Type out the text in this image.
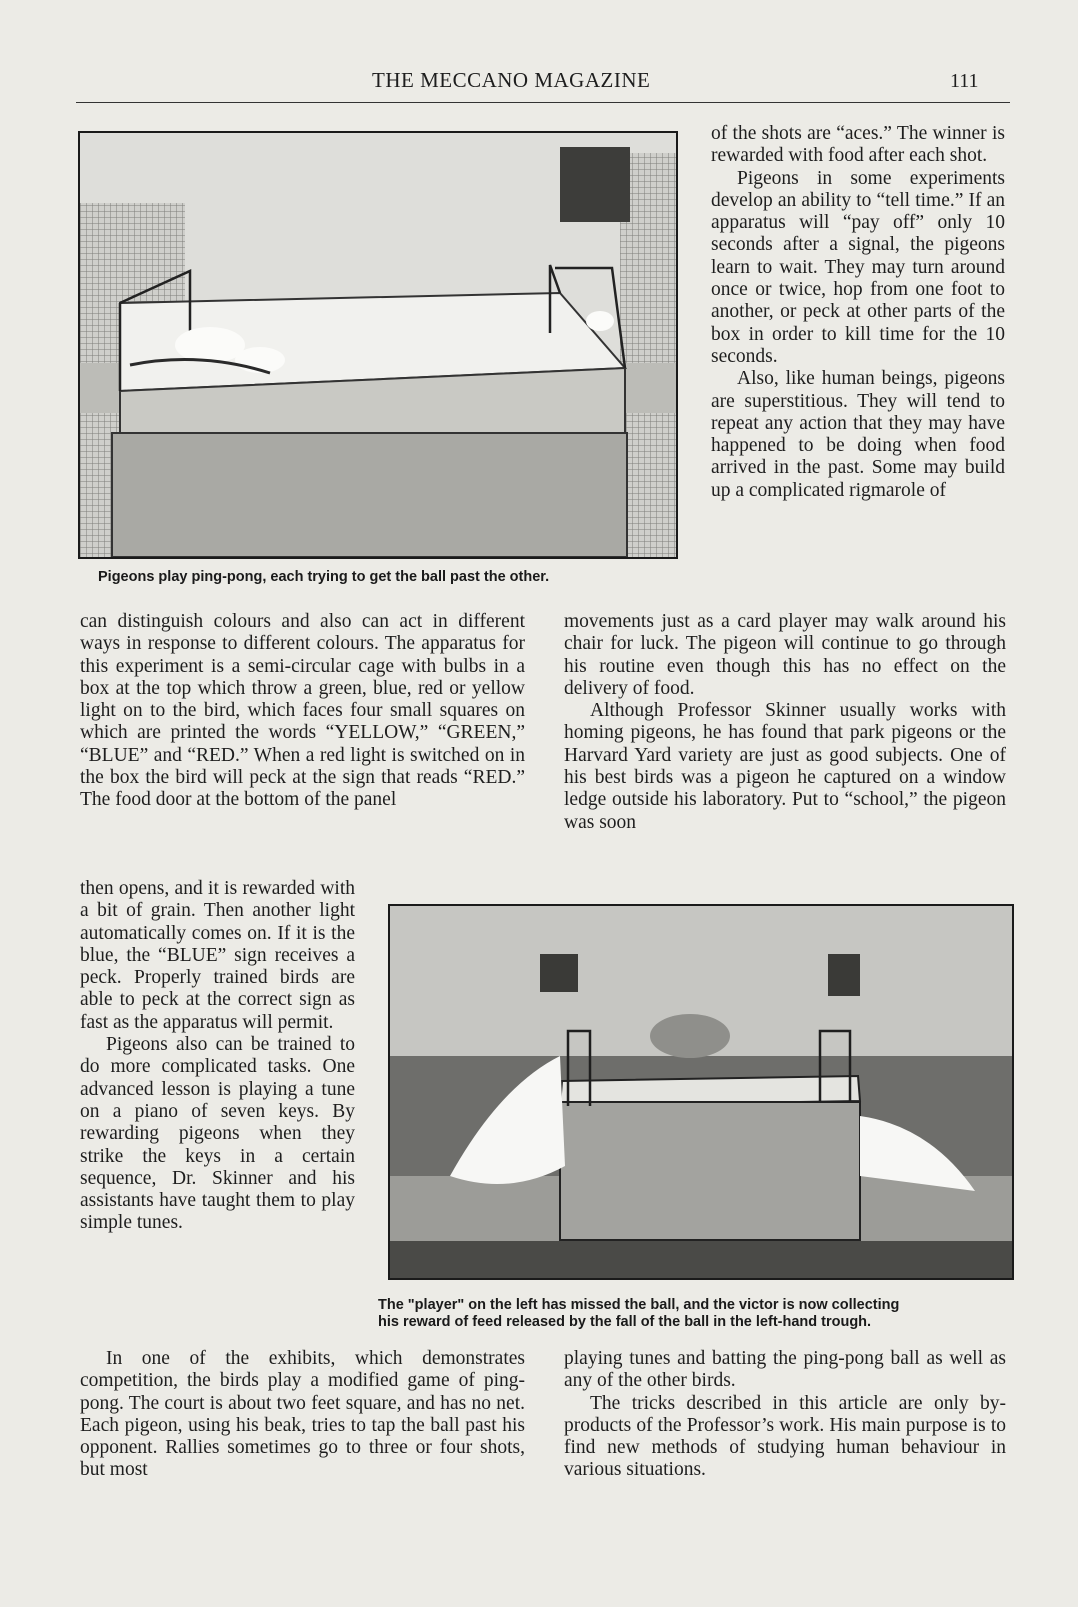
THE MECCANO MAGAZINE	111

Pigeons play ping-pong, each trying to get the ball past the other.

of the shots are “aces.” The winner is rewarded with food after each shot.

Pigeons in some experiments develop an ability to “tell time.” If an apparatus will “pay off” only 10 seconds after a signal, the pigeons learn to wait. They may turn around once or twice, hop from one foot to another, or peck at other parts of the box in order to kill time for the 10 seconds.

Also, like human beings, pigeons are superstitious. They will tend to repeat any action that they may have happened to be doing when food arrived in the past. Some may build up a complicated rigmarole of

can distinguish colours and also can act in different ways in response to different colours. The apparatus for this experiment is a semi-circular cage with bulbs in a box at the top which throw a green, blue, red or yellow light on to the bird, which faces four small squares on which are printed the words “YELLOW,” “GREEN,” “BLUE” and “RED.” When a red light is switched on in the box the bird will peck at the sign that reads “RED.” The food door at the bottom of the panel

movements just as a card player may walk around his chair for luck. The pigeon will continue to go through his routine even though this has no effect on the delivery of food.

Although Professor Skinner usually works with homing pigeons, he has found that park pigeons or the Harvard Yard variety are just as good subjects. One of his best birds was a pigeon he captured on a window ledge outside his laboratory. Put to “school,” the pigeon was soon

then opens, and it is rewarded with a bit of grain. Then another light automatically comes on. If it is the blue, the “BLUE” sign receives a peck. Properly trained birds are able to peck at the correct sign as fast as the apparatus will permit.

Pigeons also can be trained to do more complicated tasks. One advanced lesson is playing a tune on a piano of seven keys. By rewarding pigeons when they strike the keys in a certain sequence, Dr. Skinner and his assistants have taught them to play simple tunes.

The "player" on the left has missed the ball, and the victor is now collecting

his reward of feed released by the fall of the ball in the left-hand trough.

In one of the exhibits, which demonstrates competition, the birds play a modified game of ping-pong. The court is about two feet square, and has no net. Each pigeon, using his beak, tries to tap the ball past his opponent. Rallies sometimes go to three or four shots, but most

playing tunes and batting the ping-pong ball as well as any of the other birds.

The tricks described in this article are only by-products of the Professor’s work. His main purpose is to find new methods of studying human behaviour in various situations.
